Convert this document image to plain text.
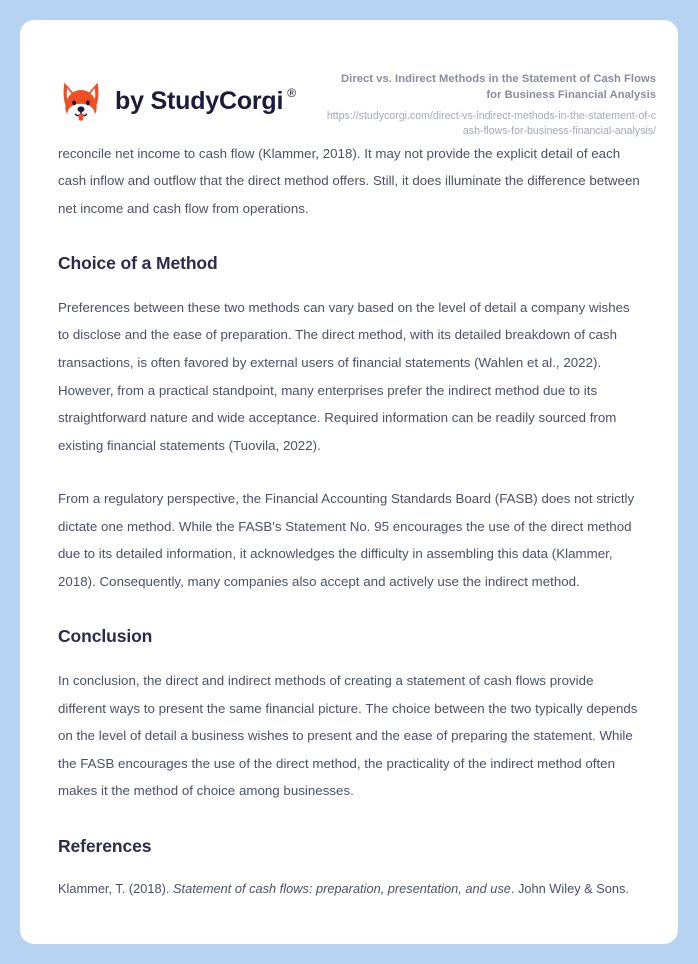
by StudyCorgi ®

Direct vs. Indirect Methods in the Statement of Cash Flows for Business Financial Analysis

https://studycorgi.com/direct-vs-indirect-methods-in-the-statement-of-cash-flows-for-business-financial-analysis/

reconcile net income to cash flow (Klammer, 2018). It may not provide the explicit detail of each cash inflow and outflow that the direct method offers. Still, it does illuminate the difference between net income and cash flow from operations.

Choice of a Method

Preferences between these two methods can vary based on the level of detail a company wishes to disclose and the ease of preparation. The direct method, with its detailed breakdown of cash transactions, is often favored by external users of financial statements (Wahlen et al., 2022). However, from a practical standpoint, many enterprises prefer the indirect method due to its straightforward nature and wide acceptance. Required information can be readily sourced from existing financial statements (Tuovila, 2022).

From a regulatory perspective, the Financial Accounting Standards Board (FASB) does not strictly dictate one method. While the FASB's Statement No. 95 encourages the use of the direct method due to its detailed information, it acknowledges the difficulty in assembling this data (Klammer, 2018). Consequently, many companies also accept and actively use the indirect method.

Conclusion

In conclusion, the direct and indirect methods of creating a statement of cash flows provide different ways to present the same financial picture. The choice between the two typically depends on the level of detail a business wishes to present and the ease of preparing the statement. While the FASB encourages the use of the direct method, the practicality of the indirect method often makes it the method of choice among businesses.

References

Klammer, T. (2018). Statement of cash flows: preparation, presentation, and use. John Wiley & Sons.
